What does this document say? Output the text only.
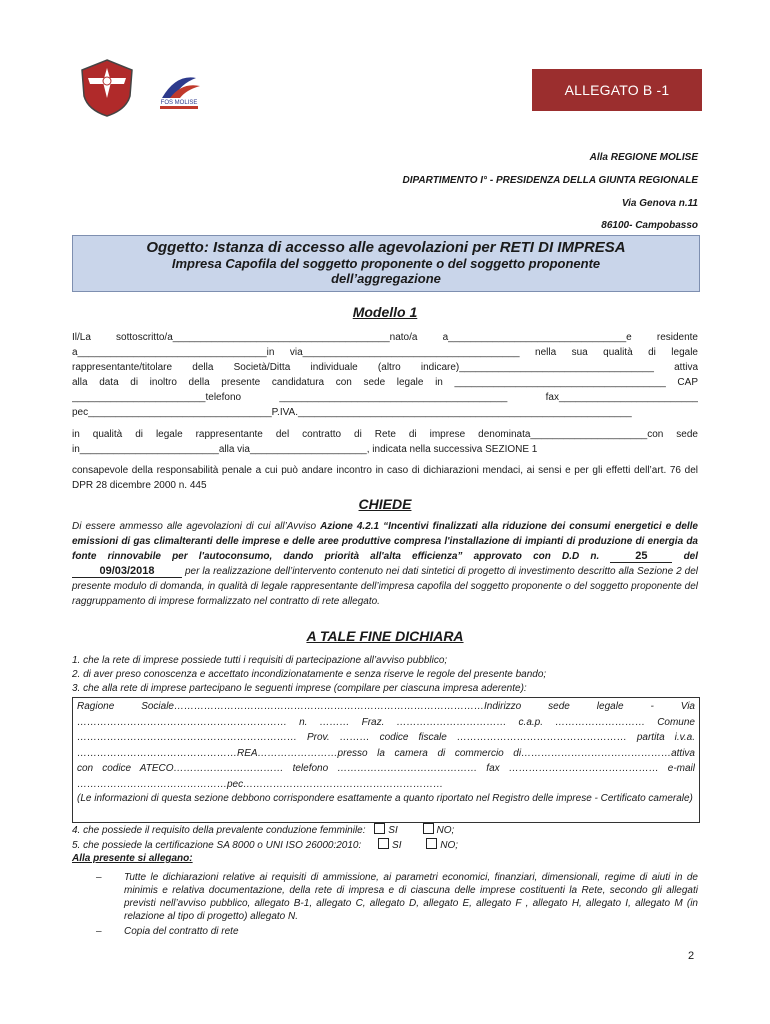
FOS MOLISE
ALLEGATO B -1
Alla REGIONE MOLISE
DIPARTIMENTO I° - PRESIDENZA DELLA GIUNTA REGIONALE
Via Genova n.11
86100- Campobasso
Oggetto: Istanza di accesso alle agevolazioni per RETI DI IMPRESA
Impresa Capofila del soggetto proponente o del soggetto proponente
dell’aggregazione
Modello 1
Il/La sottoscritto/a_______________________________________nato/a a________________________________e residente
a__________________________________in via_______________________________________ nella sua qualità di legale
rappresentante/titolare della Società/Ditta individuale (altro indicare)___________________________________ attiva
alla data di inoltro della presente candidatura con sede legale in ______________________________________ CAP
________________________telefono _________________________________________ fax_________________________
pec_________________________________P.IVA.____________________________________________________________
in qualità di legale rappresentante del contratto di Rete di imprese denominata_____________________con sede
in_________________________alla via_____________________, indicata nella successiva SEZIONE 1
consapevole della responsabilità penale a cui può andare incontro in caso di dichiarazioni mendaci, ai sensi e per gli effetti dell’art. 76 del DPR 28 dicembre 2000 n. 445
CHIEDE
Di essere ammesso alle agevolazioni di cui all’Avviso Azione 4.2.1 “Incentivi finalizzati alla riduzione dei consumi energetici e delle emissioni di gas climalteranti delle imprese e delle aree produttive compresa l'installazione di impianti di produzione di energia da fonte rinnovabile per l'autoconsumo, dando priorità all'alta efficienza” approvato con D.D n.	25	del 09/03/2018	per la realizzazione dell’intervento contenuto nei dati sintetici di progetto di investimento descritto alla Sezione 2 del presente modulo di domanda, in qualità di legale rappresentante dell’impresa capofila del soggetto proponente o del soggetto proponente del raggruppamento di imprese formalizzato nel contratto di rete allegato.
A TALE FINE DICHIARA
1. che la rete di imprese possiede tutti i requisiti di partecipazione all’avviso pubblico;
2. di aver preso conoscenza e accettato incondizionatamente e senza riserve le regole del presente bando;
3. che alla rete di imprese partecipano le seguenti imprese (compilare per ciascuna impresa aderente):
Ragione Sociale…………………………………………………………………………………Indirizzo sede legale - Via
……………………………………………………… n. ……… Fraz. …………………………… c.a.p. ……………………… Comune
………………………………………………………… Prov. ……… codice fiscale …………………………………………… partita i.v.a.
…………………………………………REA……………………presso la camera di commercio di………………………………………attiva
con codice ATECO…………………………… telefono …………………………………… fax ……………………………………… e-mail
………………………………………pec……………………………………………………
(Le informazioni di questa sezione debbono corrispondere esattamente a quanto riportato nel Registro delle imprese - Certificato camerale)
4. che possiede il requisito della prevalente conduzione femminile: SI	NO;
5. che possiede la certificazione SA 8000 o UNI ISO 26000:2010:	SI	NO;
Alla presente si allegano:
– Tutte le dichiarazioni relative ai requisiti di ammissione, ai parametri economici, finanziari, dimensionali, regime di aiuti in de minimis e relativa documentazione, della rete di impresa e di ciascuna delle imprese costituenti la Rete, secondo gli allegati previsti nell’avviso pubblico, allegato B-1, allegato C, allegato D, allegato E, allegato F , allegato H, allegato I, allegato M (in relazione al tipo di progetto) allegato N.
– Copia del contratto di rete
2
